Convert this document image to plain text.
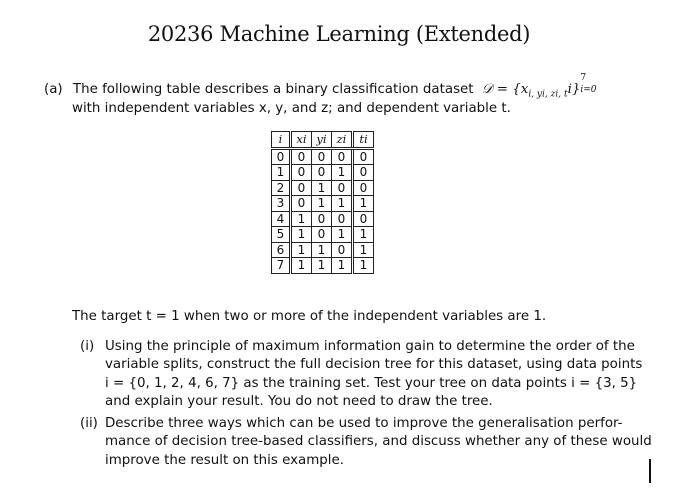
20236 Machine Learning (Extended)
(a) The following table describes a binary classification dataset 𝒟 = $\{x_{i, yi, zi, t}i\}$
7
i=0

with independent variables x, y, and z; and dependent variable t.
i	xi	yi	zi	ti
0	0	0	0	0
1	0	0	1	0
2	0	1	0	0
3	0	1	1	1
4	1	0	0	0
5	1	0	1	1
6	1	1	0	1
7	1	1	1	1
The target t = 1 when two or more of the independent variables are 1.
(i) Using the principle of maximum information gain to determine the order of the
variable splits, construct the full decision tree for this dataset, using data points
i = {0, 1, 2, 4, 6, 7} as the training set. Test your tree on data points i = {3, 5}
and explain your result. You do not need to draw the tree.
(ii) Describe three ways which can be used to improve the generalisation perfor-
mance of decision tree-based classifiers, and discuss whether any of these would
improve the result on this example.
